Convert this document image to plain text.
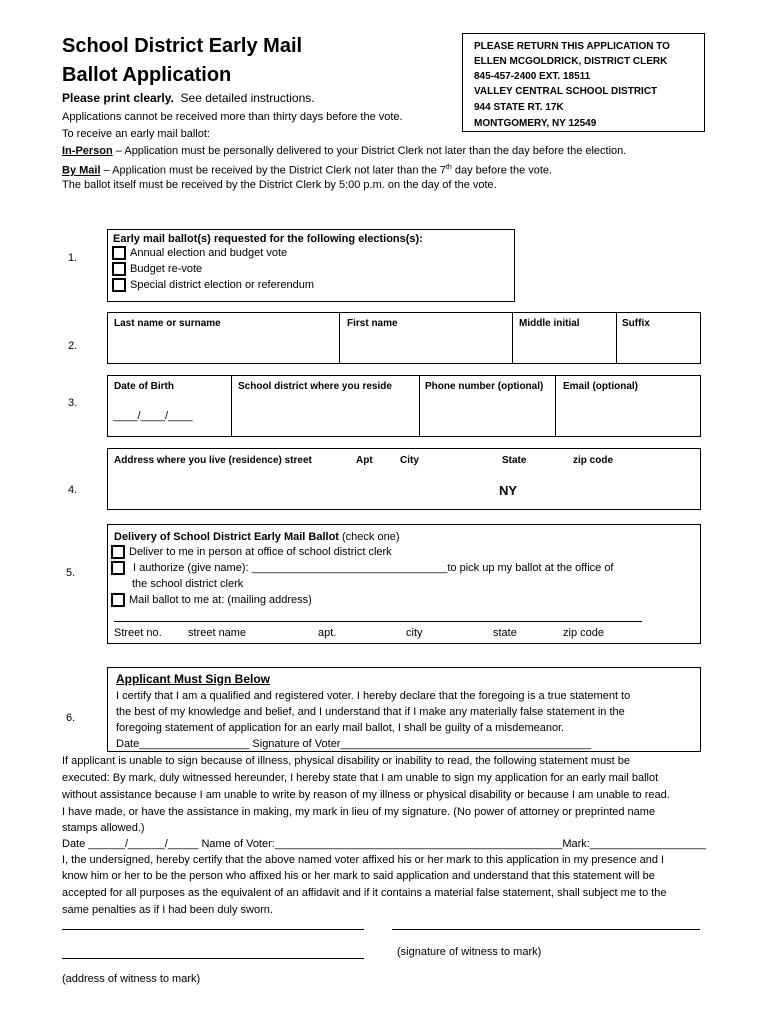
School District Early Mail
Ballot Application
Please print clearly. See detailed instructions.
PLEASE RETURN THIS APPLICATION TO
ELLEN MCGOLDRICK, DISTRICT CLERK
845-457-2400 EXT. 18511
VALLEY CENTRAL SCHOOL DISTRICT
944 STATE RT. 17K
MONTGOMERY, NY 12549
Applications cannot be received more than thirty days before the vote.
To receive an early mail ballot:
In-Person – Application must be personally delivered to your District Clerk not later than the day before the election.
By Mail – Application must be received by the District Clerk not later than the 7th day before the vote.
The ballot itself must be received by the District Clerk by 5:00 p.m. on the day of the vote.
1.
Early mail ballot(s) requested for the following elections(s):
Annual election and budget vote
Budget re-vote
Special district election or referendum
2.
Last name or surname	First name	Middle initial	Suffix
3.
Date of Birth	School district where you reside	Phone number (optional) Email (optional)
____/____/____
4.
Address where you live (residence) street	Apt	City	State	zip code
NY
5.
Delivery of School District Early Mail Ballot (check one)
Deliver to me in person at office of school district clerk
I authorize (give name): ________________________________to pick up my ballot at the office of
the school district clerk
Mail ballot to me at: (mailing address)
Street no. street name	apt.	city	state	zip code
6.
Applicant Must Sign Below
I certify that I am a qualified and registered voter. I hereby declare that the foregoing is a true statement to
the best of my knowledge and belief, and I understand that if I make any materially false statement in the
foregoing statement of application for an early mail ballot, I shall be guilty of a misdemeanor.
Date__________________ Signature of Voter_________________________________________
If applicant is unable to sign because of illness, physical disability or inability to read, the following statement must be
executed: By mark, duly witnessed hereunder, I hereby state that I am unable to sign my application for an early mail ballot
without assistance because I am unable to write by reason of my illness or physical disability or because I am unable to read.
I have made, or have the assistance in making, my mark in lieu of my signature. (No power of attorney or preprinted name
stamps allowed.)
Date ______/______/_____ Name of Voter:_______________________________________________Mark:___________________
I, the undersigned, hereby certify that the above named voter affixed his or her mark to this application in my presence and I
know him or her to be the person who affixed his or her mark to said application and understand that this statement will be
accepted for all purposes as the equivalent of an affidavit and if it contains a material false statement, shall subject me to the
same penalties as if I had been duly sworn.
(signature of witness to mark)
(address of witness to mark)
